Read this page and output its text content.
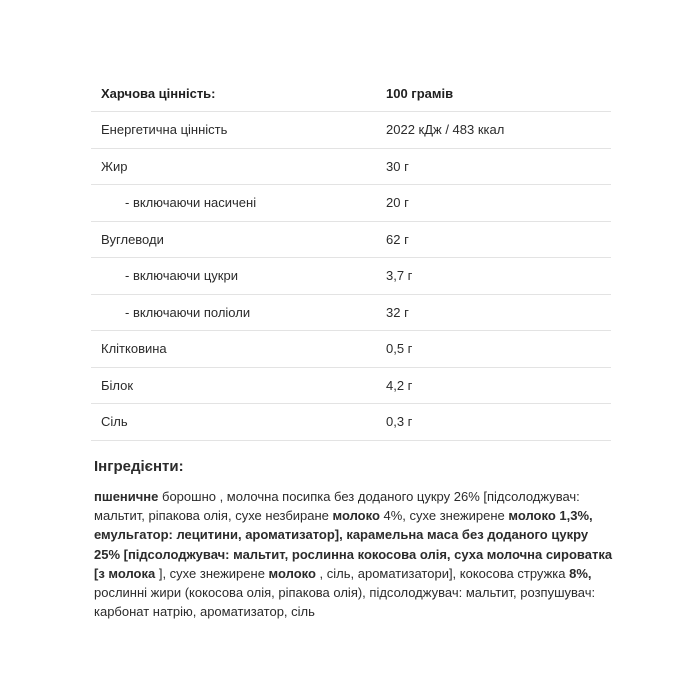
Харчова цінність:	100 грамів
Енергетична цінність	2022 кДж / 483 ккал
Жир	30 г
- включаючи насичені	20 г
Вуглеводи	62 г
- включаючи цукри	3,7 г
- включаючи поліоли	32 г
Клітковина	0,5 г
Білок	4,2 г
Сіль	0,3 г
Інгредієнти:

пшеничне борошно , молочна посипка без доданого цукру 26% [підсолоджувач: мальтит, ріпакова олія, сухе незбиране молоко 4%, сухе знежирене молоко 1,3%, емульгатор: лецитини, ароматизатор], карамельна маса без доданого цукру 25% [підсолоджувач: мальтит, рослинна кокосова олія, суха молочна сироватка [з молока ], сухе знежирене молоко , сіль, ароматизатори], кокосова стружка 8%, рослинні жири (кокосова олія, ріпакова олія), підсолоджувач: мальтит, розпушувач: карбонат натрію, ароматизатор, сіль
